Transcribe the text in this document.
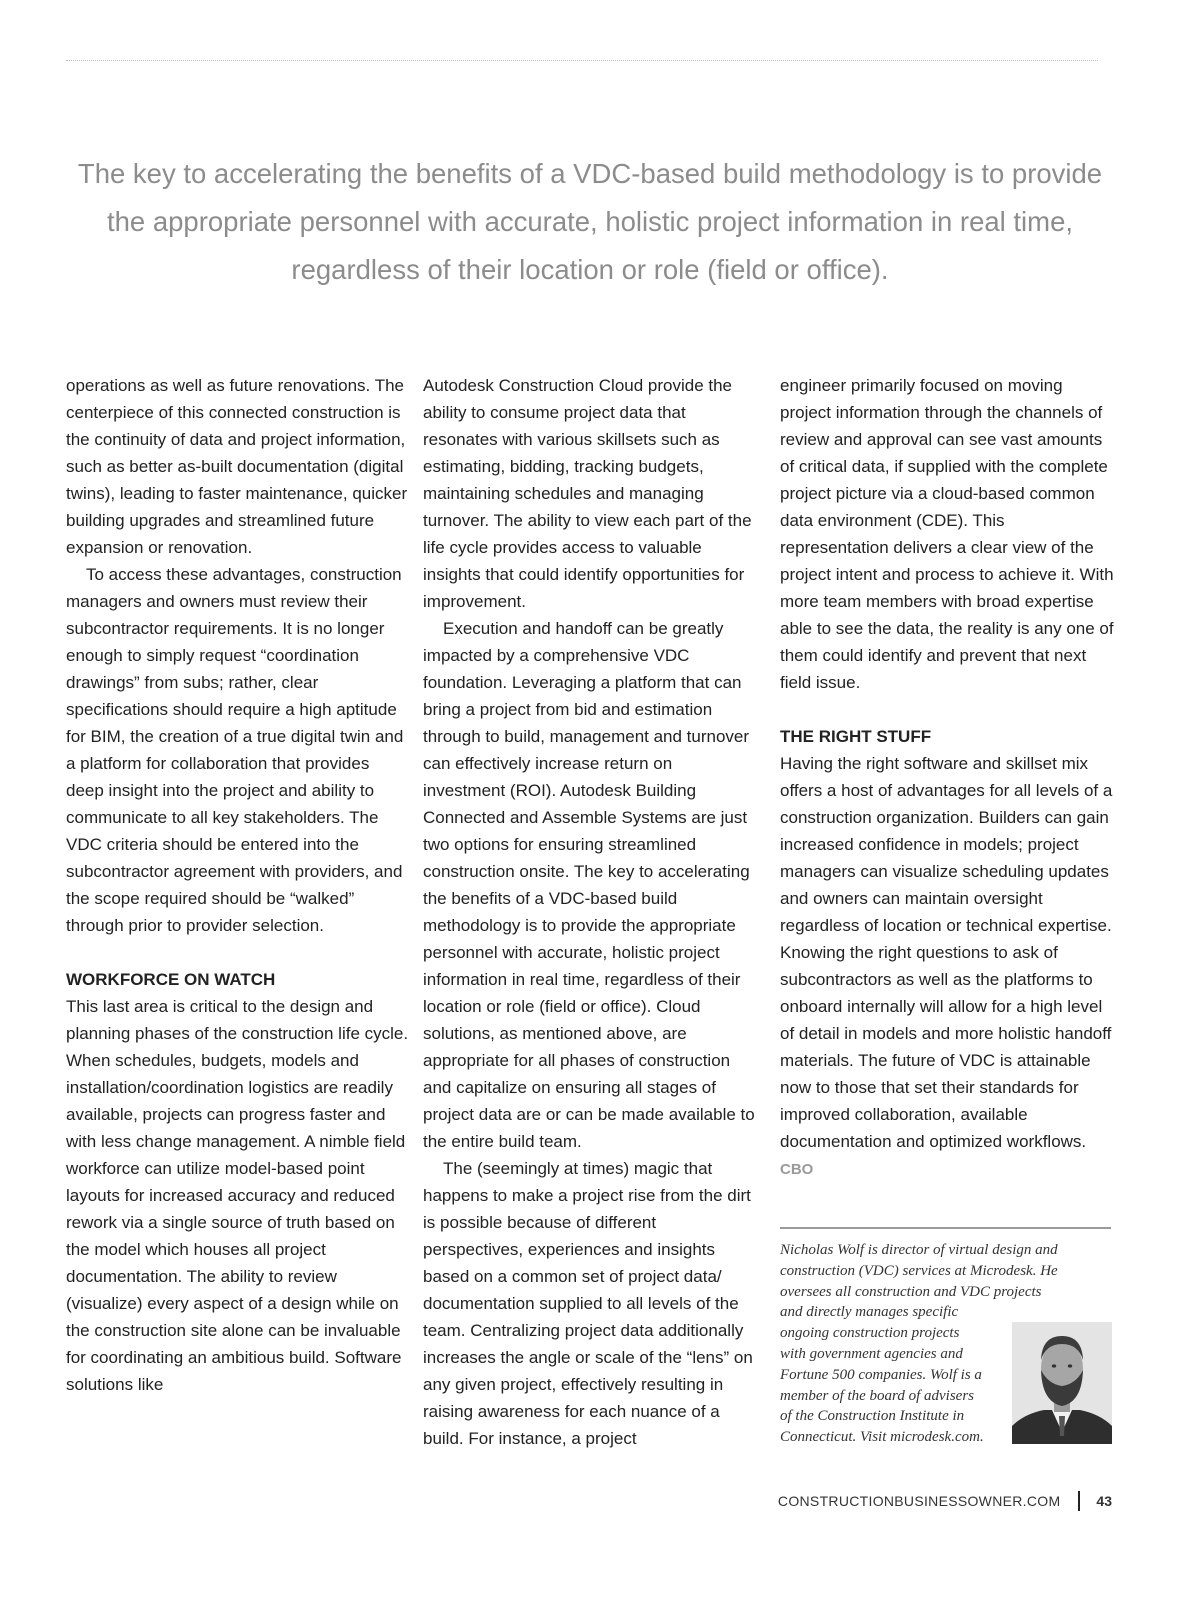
The key to accelerating the benefits of a VDC-based build methodology is to provide the appropriate personnel with accurate, holistic project information in real time, regardless of their location or role (field or office).

operations as well as future renovations. The centerpiece of this connected construction is the continuity of data and project information, such as better as-built documentation (digital twins), leading to faster maintenance, quicker building upgrades and streamlined future expansion or renovation.

To access these advantages, construction managers and owners must review their subcontractor requirements. It is no longer enough to simply request “coordination drawings” from subs; rather, clear specifications should require a high aptitude for BIM, the creation of a true digital twin and a platform for collaboration that provides deep insight into the project and ability to communicate to all key stakeholders. The VDC criteria should be entered into the subcontractor agreement with providers, and the scope required should be “walked” through prior to provider selection.

WORKFORCE ON WATCH

This last area is critical to the design and planning phases of the construction life cycle. When schedules, budgets, models and installation/coordination logistics are readily available, projects can progress faster and with less change management. A nimble field workforce can utilize model-based point layouts for increased accuracy and reduced rework via a single source of truth based on the model which houses all project documentation. The ability to review (visualize) every aspect of a design while on the construction site alone can be invaluable for coordinating an ambitious build. Software solutions like

Autodesk Construction Cloud provide the ability to consume project data that resonates with various skillsets such as estimating, bidding, tracking budgets, maintaining schedules and managing turnover. The ability to view each part of the life cycle provides access to valuable insights that could identify opportunities for improvement.

Execution and handoff can be greatly impacted by a comprehensive VDC foundation. Leveraging a platform that can bring a project from bid and estimation through to build, management and turnover can effectively increase return on investment (ROI). Autodesk Building Connected and Assemble Systems are just two options for ensuring streamlined construction onsite. The key to accelerating the benefits of a VDC-based build methodology is to provide the appropriate personnel with accurate, holistic project information in real time, regardless of their location or role (field or office). Cloud solutions, as mentioned above, are appropriate for all phases of construction and capitalize on ensuring all stages of project data are or can be made available to the entire build team.

The (seemingly at times) magic that happens to make a project rise from the dirt is possible because of different perspectives, experiences and insights based on a common set of project data/ documentation supplied to all levels of the team. Centralizing project data additionally increases the angle or scale of the “lens” on any given project, effectively resulting in raising awareness for each nuance of a build. For instance, a project

engineer primarily focused on moving project information through the channels of review and approval can see vast amounts of critical data, if supplied with the complete project picture via a cloud-based common data environment (CDE). This representation delivers a clear view of the project intent and process to achieve it. With more team members with broad expertise able to see the data, the reality is any one of them could identify and prevent that next field issue.

THE RIGHT STUFF

Having the right software and skillset mix offers a host of advantages for all levels of a construction organization. Builders can gain increased confidence in models; project managers can visualize scheduling updates and owners can maintain oversight regardless of location or technical expertise. Knowing the right questions to ask of subcontractors as well as the platforms to onboard internally will allow for a high level of detail in models and more holistic handoff materials. The future of VDC is attainable now to those that set their standards for improved collaboration, available documentation and optimized workflows. CBO

Nicholas Wolf is director of virtual design and
construction (VDC) services at Microdesk. He
oversees all construction and VDC projects
and directly manages specific
ongoing construction projects
with government agencies and
Fortune 500 companies. Wolf is a
member of the board of advisers
of the Construction Institute in
Connecticut. Visit microdesk.com.

CONSTRUCTIONBUSINESSOWNER.COM	43
